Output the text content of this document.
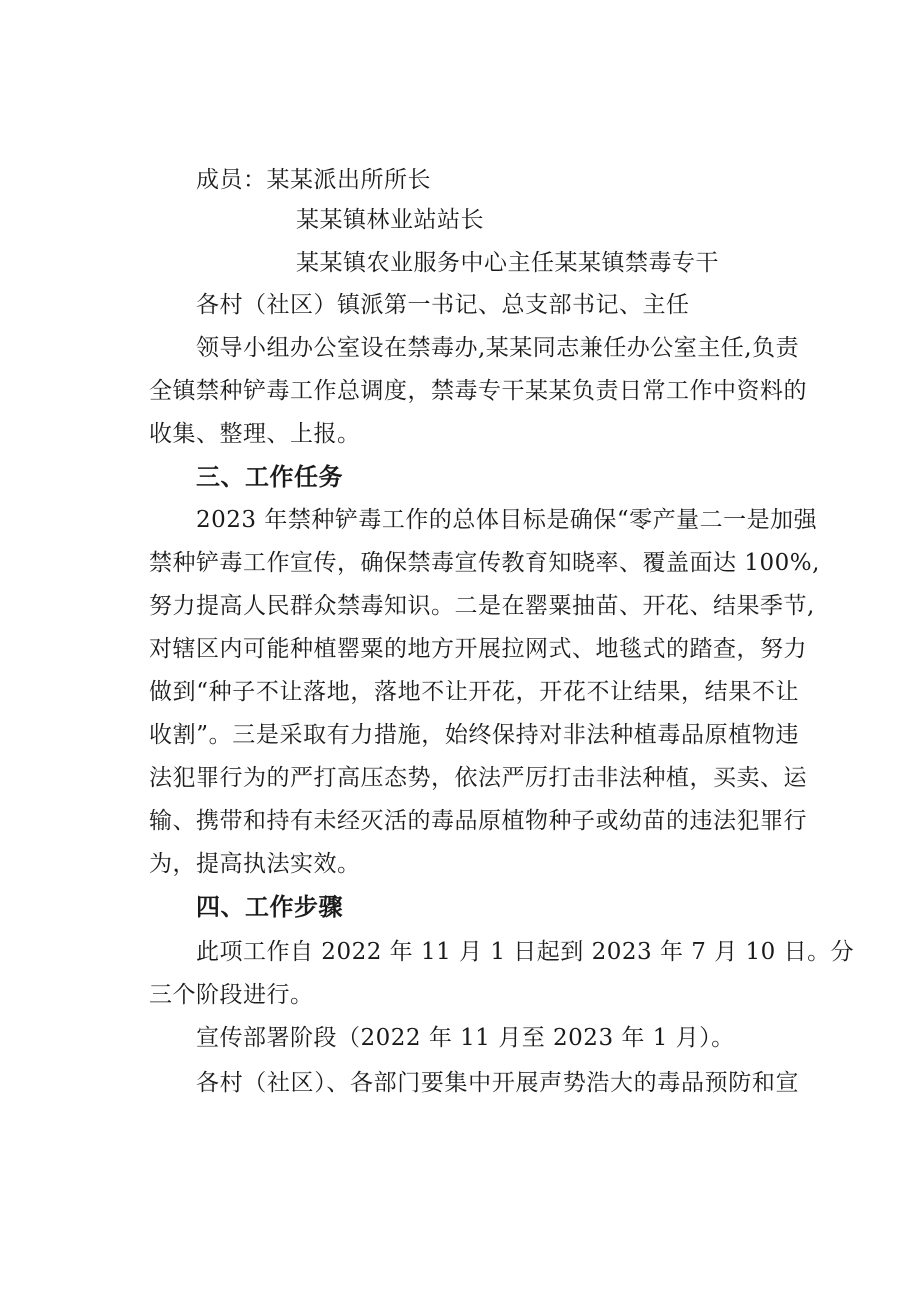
成员：某某派出所所长
某某镇林业站站长
某某镇农业服务中心主任某某镇禁毒专干
各村（社区）镇派第一书记、总支部书记、主任
领导小组办公室设在禁毒办,某某同志兼任办公室主任,负责
全镇禁种铲毒工作总调度，禁毒专干某某负责日常工作中资料的
收集、整理、上报。
三、工作任务
2023 年禁种铲毒工作的总体目标是确保“零产量二一是加强
禁种铲毒工作宣传，确保禁毒宣传教育知晓率、覆盖面达 100%,
努力提高人民群众禁毒知识。二是在罂粟抽苗、开花、结果季节,
对辖区内可能种植罂粟的地方开展拉网式、地毯式的踏查，努力
做到“种子不让落地，落地不让开花，开花不让结果，结果不让
收割”。三是采取有力措施，始终保持对非法种植毒品原植物违
法犯罪行为的严打高压态势，依法严厉打击非法种植，买卖、运
输、携带和持有未经灭活的毒品原植物种子或幼苗的违法犯罪行
为，提高执法实效。
四、工作步骤
此项工作自 2022 年 11 月 1 日起到 2023 年 7 月 10 日。分
三个阶段进行。
宣传部署阶段（2022 年 11 月至 2023 年 1 月）。
各村（社区）、各部门要集中开展声势浩大的毒品预防和宣
